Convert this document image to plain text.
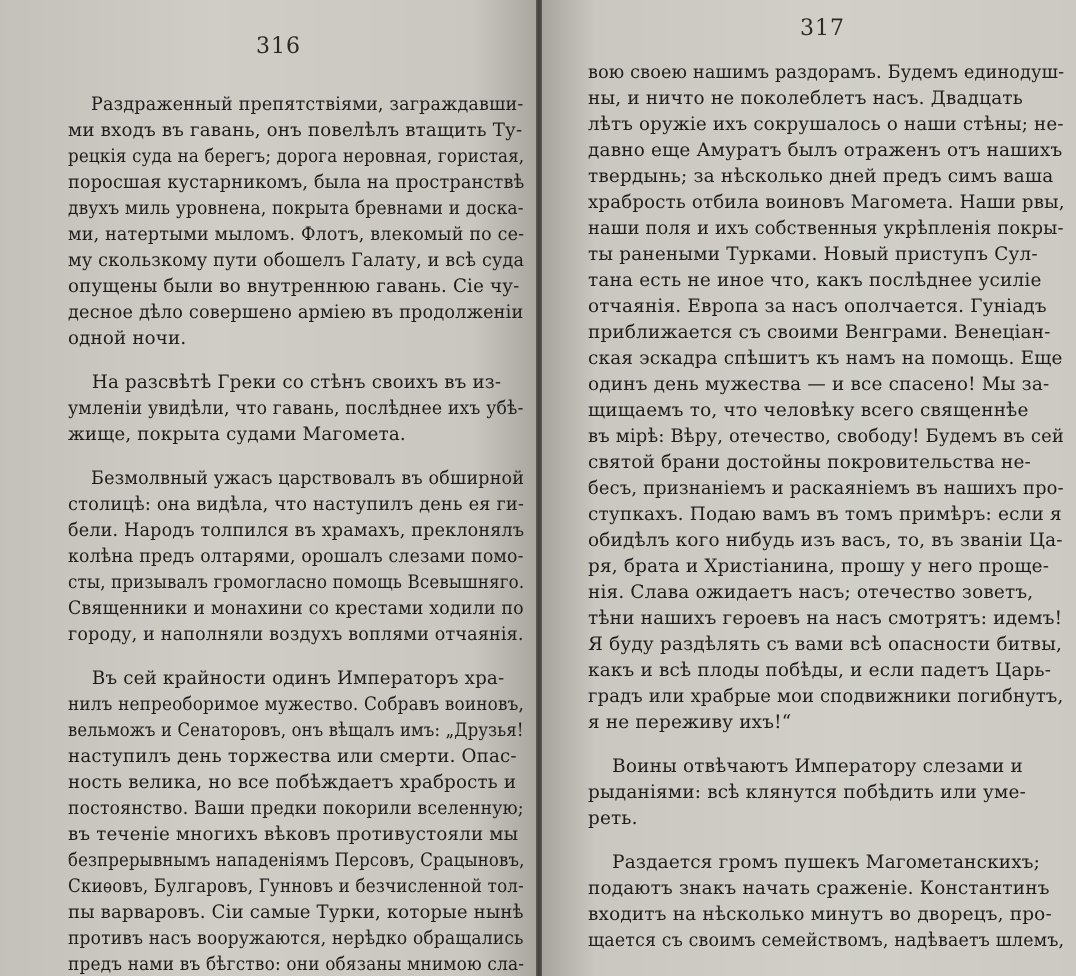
316
Раздраженный препятствіями, заграждавши-
ми входъ въ гавань, онъ повелѣлъ втащить Ту-
рецкія суда на берегъ; дорога неровная, гористая,
поросшая кустарникомъ, была на пространствѣ
двухъ миль уровнена, покрыта бревнами и доска-
ми, натертыми мыломъ. Флотъ, влекомый по се-
му скользкому пути обошелъ Галату, и всѣ суда
опущены были во внутреннюю гавань. Сіе чу-
десное дѣло совершено арміею въ продолженіи
одной ночи.
На разсвѣтѣ Греки со стѣнъ своихъ въ из-
умленіи увидѣли, что гавань, послѣднее ихъ убѣ-
жище, покрыта судами Магомета.
Безмолвный ужасъ царствовалъ въ обширной
столицѣ: она видѣла, что наступилъ день ея ги-
бели. Народъ толпился въ храмахъ, преклонялъ
колѣна предъ олтарями, орошалъ слезами помо-
сты, призывалъ громогласно помощь Всевышняго.
Священники и монахини со крестами ходили по
городу, и наполняли воздухъ воплями отчаянія.
Въ сей крайности одинъ Императоръ хра-
нилъ непреоборимое мужество. Собравъ воиновъ,
вельможъ и Сенаторовъ, онъ вѣщалъ имъ: „Друзья!
наступилъ день торжества или смерти. Опас-
ность велика, но все побѣждаетъ храбрость и
постоянство. Ваши предки покорили вселенную;
въ теченіе многихъ вѣковъ противустояли мы
безпрерывнымъ нападеніямъ Персовъ, Срацыновъ,
Скиѳовъ, Булгаровъ, Гунновъ и безчисленной тол-
пы варваровъ. Сіи самые Турки, которые нынѣ
противъ насъ вооружаются, нерѣдко обращались
предъ нами въ бѣгство: они обязаны мнимою сла-
317
вою своею нашимъ раздорамъ. Будемъ единодуш-
ны, и ничто не поколеблетъ насъ. Двадцать
лѣтъ оружіе ихъ сокрушалось о наши стѣны; не-
давно еще Амуратъ былъ отраженъ отъ нашихъ
твердынь; за нѣсколько дней предъ симъ ваша
храбрость отбила воиновъ Магомета. Наши рвы,
наши поля и ихъ собственныя укрѣпленія покры-
ты ранеными Турками. Новый приступъ Сул-
тана есть не иное что, какъ послѣднее усиліе
отчаянія. Европа за насъ ополчается. Гуніадъ
приближается съ своими Венграми. Венеціан-
ская эскадра спѣшитъ къ намъ на помощь. Еще
одинъ день мужества — и все спасено! Мы за-
щищаемъ то, что человѣку всего священнѣе
въ мірѣ: Вѣру, отечество, свободу! Будемъ въ сей
святой брани достойны покровительства не-
бесъ, признаніемъ и раскаяніемъ въ нашихъ про-
ступкахъ. Подаю вамъ въ томъ примѣръ: если я
обидѣлъ кого нибудь изъ васъ, то, въ званіи Ца-
ря, брата и Христіанина, прошу у него проще-
нія. Слава ожидаетъ насъ; отечество зоветъ,
тѣни нашихъ героевъ на насъ смотрятъ: идемъ!
Я буду раздѣлять съ вами всѣ опасности битвы,
какъ и всѣ плоды побѣды, и если падетъ Царь-
градъ или храбрые мои сподвижники погибнутъ,
я не переживу ихъ!“
Воины отвѣчаютъ Императору слезами и
рыданіями: всѣ клянутся побѣдить или уме-
реть.
Раздается громъ пушекъ Магометанскихъ;
подаютъ знакъ начать сраженіе. Константинъ
входитъ на нѣсколько минутъ во дворецъ, про-
щается съ своимъ семействомъ, надѣваетъ шлемъ,
